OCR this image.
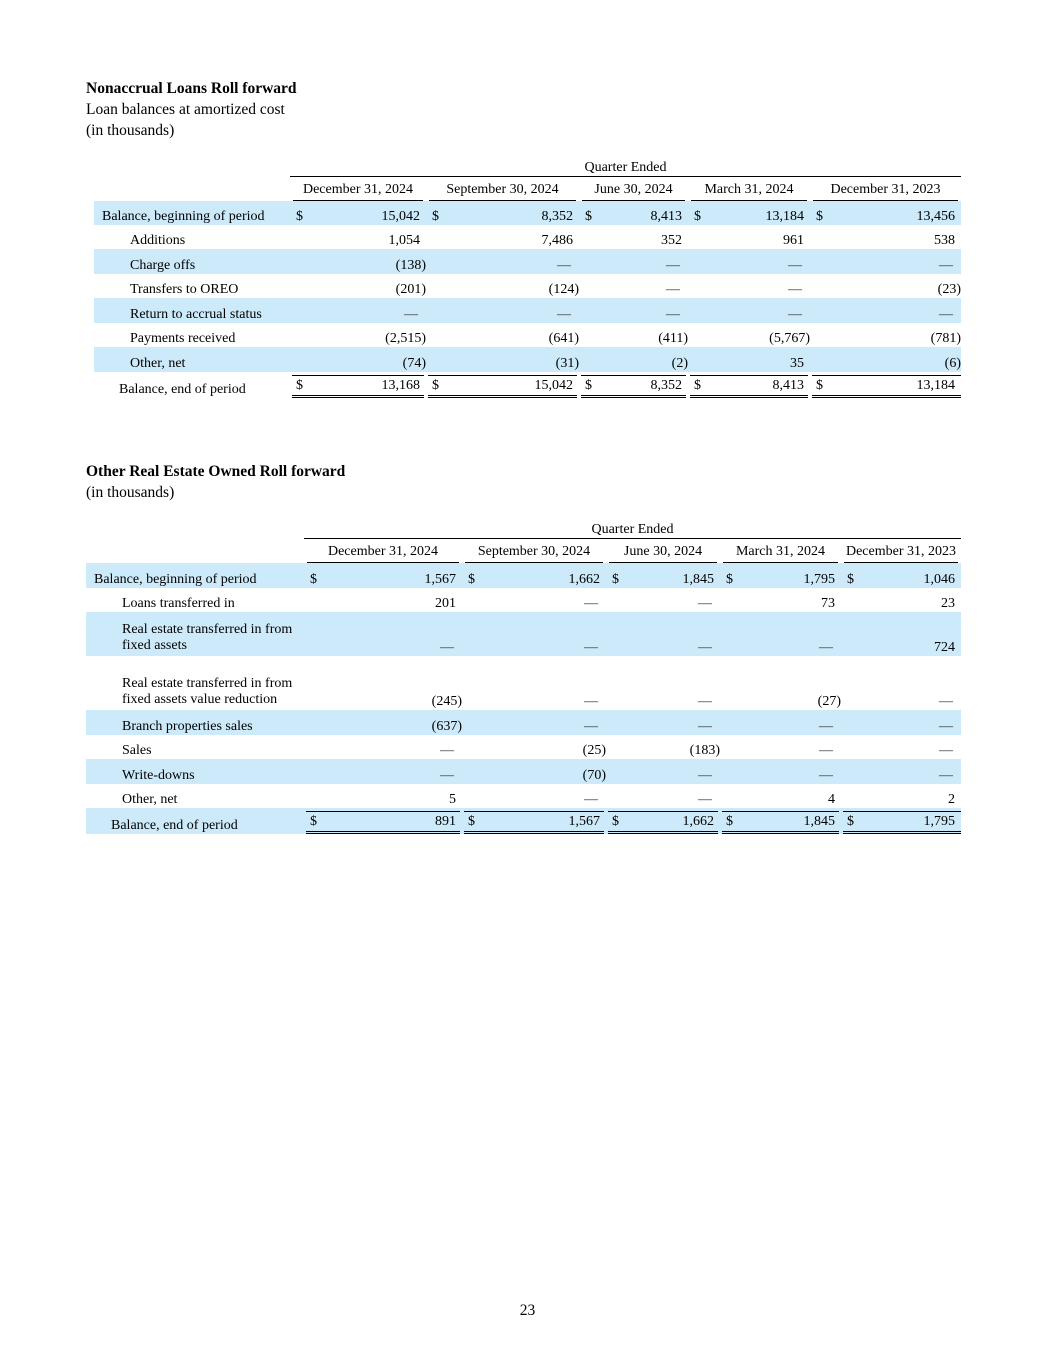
Nonaccrual Loans Roll forward
Loan balances at amortized cost
(in thousands)
	Quarter Ended									

	December 31, 2024		September 30, 2024		June 30, 2024		March 31, 2024		December 31, 2023	

Balance, beginning of period	$	15,042	$	8,352	$	8,413	$	13,184	$	13,456
Additions		1,054		7,486		352		961		538
Charge offs		(138)		—		—		—		—
Transfers to OREO		(201)		(124)		—		—		(23)
Return to accrual status		—		—		—		—		—
Payments received		(2,515)		(641)		(411)		(5,767)		(781)
Other, net		(74)		(31)		(2)		35		(6)
Balance, end of period	$ 13,168		$ 15,042		$ 8,352		$ 8,413		$ 13,184	

Other Real Estate Owned Roll forward
(in thousands)
	Quarter Ended									

	December 31, 2024		September 30, 2024		June 30, 2024		March 31, 2024		December 31, 2023	

Balance, beginning of period	$	1,567	$	1,662	$	1,845	$	1,795	$	1,046
Loans transferred in		201		—		—		73		23
Real estate transferred in from fixed assets		—		—		—		—		724
Real estate transferred in from fixed assets value reduction		(245)		—		—		(27)		—
Branch properties sales		(637)		—		—		—		—
Sales		—		(25)		(183)		—		—
Write-downs		—		(70)		—		—		—
Other, net		5		—		—		4		2
Balance, end of period	$ 891		$ 1,567		$ 1,662		$ 1,845		$ 1,795	

23
